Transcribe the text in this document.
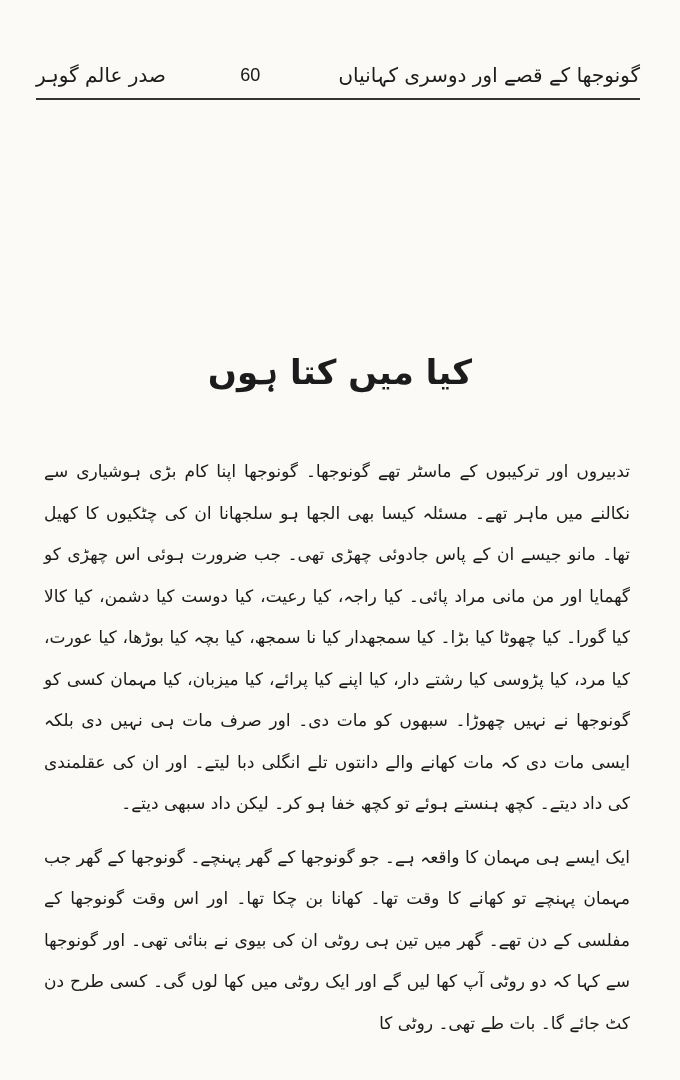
گونوجھا کے قصے اور دوسری کہانیاں
60
صدر عالم گوہر
کیا میں کتا ہوں

تدبیروں اور ترکیبوں کے ماسٹر تھے گونوجھا۔ گونوجھا اپنا کام بڑی ہوشیاری سے نکالنے میں ماہر تھے۔ مسئلہ کیسا بھی الجھا ہو سلجھانا ان کی چٹکیوں کا کھیل تھا۔ مانو جیسے ان کے پاس جادوئی چھڑی تھی۔ جب ضرورت ہوئی اس چھڑی کو گھمایا اور من مانی مراد پائی۔ کیا راجہ، کیا رعیت، کیا دوست کیا دشمن، کیا کالا کیا گورا۔ کیا چھوٹا کیا بڑا۔ کیا سمجھدار کیا نا سمجھ، کیا بچہ کیا بوڑھا، کیا عورت، کیا مرد، کیا پڑوسی کیا رشتے دار، کیا اپنے کیا پرائے، کیا میزبان، کیا مہمان کسی کو گونوجھا نے نہیں چھوڑا۔ سبھوں کو مات دی۔ اور صرف مات ہی نہیں دی بلکہ ایسی مات دی کہ مات کھانے والے دانتوں تلے انگلی دبا لیتے۔ اور ان کی عقلمندی کی داد دیتے۔ کچھ ہنستے ہوئے تو کچھ خفا ہو کر۔ لیکن داد سبھی دیتے۔

ایک ایسے ہی مہمان کا واقعہ ہے۔ جو گونوجھا کے گھر پہنچے۔ گونوجھا کے گھر جب مہمان پہنچے تو کھانے کا وقت تھا۔ کھانا بن چکا تھا۔ اور اس وقت گونوجھا کے مفلسی کے دن تھے۔ گھر میں تین ہی روٹی ان کی بیوی نے بنائی تھی۔ اور گونوجھا سے کہا کہ دو روٹی آپ کھا لیں گے اور ایک روٹی میں کھا لوں گی۔ کسی طرح دن کٹ جائے گا۔ بات طے تھی۔ روٹی کا
